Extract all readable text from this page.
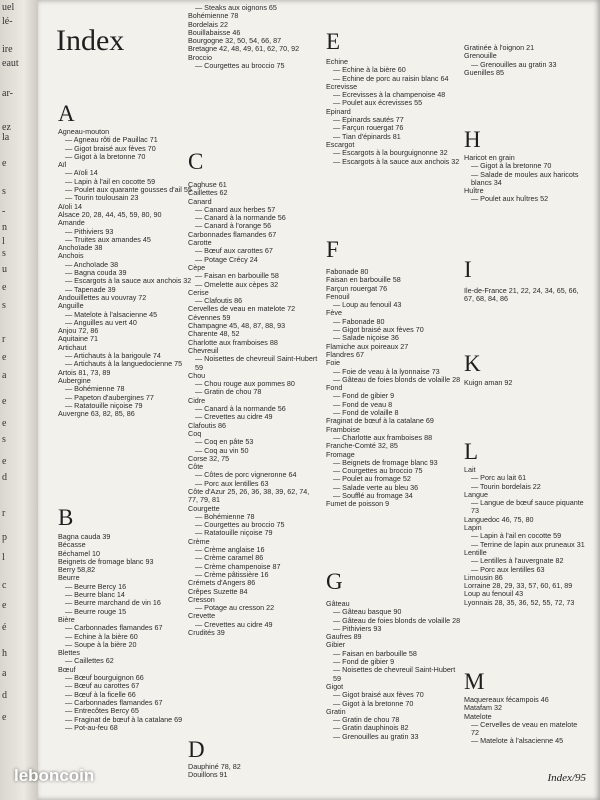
uel
lé-
ire
eaut
ar-
ez
la
e
s
-
n
l
s
u
e
s
r
e
a
e
e
s
e
d
r
p
l
c
e
é
h
a
d
e
Index
A
Agneau-mouton
— Agneau rôti de Pauillac 71
— Gigot braisé aux fèves 70
— Gigot à la bretonne 70
Aïl
— Aïoli 14
— Lapin à l'ail en cocotte 59
— Poulet aux quarante gousses d'ail 55
— Tourin toulousain 23
Aïoli 14
Alsace 20, 28, 44, 45, 59, 80, 90
Amande
— Pithiviers 93
— Truites aux amandes 45
Anchoïade 38
Anchois
— Anchoïade 38
— Bagna couda 39
— Escargots à la sauce aux anchois 32
— Tapenade 39
Andouillettes au vouvray 72
Anguille
— Matelote à l'alsacienne 45
— Anguilles au vert 40
Anjou 72, 86
Aquitaine 71
Artichaut
— Artichauts à la barigoule 74
— Artichauts à la languedocienne 75
Artois 81, 73, 89
Aubergine
— Bohémienne 78
— Papeton d'aubergines 77
— Ratatouille niçoise 79
Auvergne 63, 82, 85, 86
B
Bagna cauda 39
Bécasse
Béchamel 10
Beignets de fromage blanc 93
Berry 58,82
Beurre
— Beurre Bercy 16
— Beurre blanc 14
— Beurre marchand de vin 16
— Beurre rouge 15
Bière
— Carbonnades flamandes 67
— Echine à la bière 60
— Soupe à la bière 20
Blettes
— Caillettes 62
Bœuf
— Bœuf bourguignon 66
— Bœuf au carottes 67
— Bœuf à la ficelle 66
— Carbonnades flamandes 67
— Entrecôtes Bercy 65
— Fraginat de bœuf à la catalane 69
— Pot-au-feu 68
— Steaks aux oignons 65
Bohémienne 78
Bordelais 22
Bouillabaisse 46
Bourgogne 32, 50, 54, 66, 87
Bretagne 42, 48, 49, 61, 62, 70, 92
Broccio
— Courgettes au broccio 75
C
Caghuse 61
Caillettes 62
Canard
— Canard aux herbes 57
— Canard à la normande 56
— Canard à l'orange 56
Carbonnades flamandes 67
Carotte
— Bœuf aux carottes 67
— Potage Crécy 24
Cèpe
— Faisan en barbouille 58
— Omelette aux cèpes 32
Cerise
— Clafoutis 86
Cervelles de veau en matelote 72
Cévennes 59
Champagne 45, 48, 87, 88, 93
Charente 48, 52
Charlotte aux framboises 88
Chevreuil
— Noisettes de chevreuil Saint-Hubert 59
Chou
— Chou rouge aux pommes 80
— Gratin de chou 78
Cidre
— Canard à la normande 56
— Crevettes au cidre 49
Clafoutis 86
Coq
— Coq en pâte 53
— Coq au vin 50
Corse 32, 75
Côte
— Côtes de porc vigneronne 64
— Porc aux lentilles 63
Côte d'Azur 25, 26, 36, 38, 39, 62, 74, 77, 79, 81
Courgette
— Bohémienne 78
— Courgettes au broccio 75
— Ratatouille niçoise 79
Crème
— Crème anglaise 16
— Crème caramel 86
— Crème champenoise 87
— Crème pâtissière 16
Crémets d'Angers 86
Crêpes Suzette 84
Cresson
— Potage au cresson 22
Crevette
— Crevettes au cidre 49
Crudités 39
D
Dauphiné 78, 82
Douillons 91
E
Echine
— Echine à la bière 60
— Echine de porc au raisin blanc 64
Ecrevisse
— Ecrevisses à la champenoise 48
— Poulet aux écrevisses 55
Epinard
— Epinards sautés 77
— Farçun rouergat 76
— Tian d'épinards 81
Escargot
— Escargots à la bourguignonne 32
— Escargots à la sauce aux anchois 32
F
Fabonade 80
Faisan en barbouille 58
Farçun rouergat 76
Fenouil
— Loup au fenouil 43
Fève
— Fabonade 80
— Gigot braisé aux fèves 70
— Salade niçoise 36
Flamiche aux poireaux 27
Flandres 67
Foie
— Foie de veau à la lyonnaise 73
— Gâteau de foies blonds de volaille 28
Fond
— Fond de gibier 9
— Fond de veau 8
— Fond de volaille 8
Fraginat de bœuf à la catalane 69
Framboise
— Charlotte aux framboises 88
Franche-Comté 32, 85
Fromage
— Beignets de fromage blanc 93
— Courgettes au broccio 75
— Poulet au fromage 52
— Salade verte au bleu 36
— Soufflé au fromage 34
Fumet de poisson 9
G
Gâteau
— Gâteau basque 90
— Gâteau de foies blonds de volaille 28
— Pithiviers 93
Gaufres 89
Gibier
— Faisan en barbouille 58
— Fond de gibier 9
— Noisettes de chevreuil Saint-Hubert 59
Gigot
— Gigot braisé aux fèves 70
— Gigot à la bretonne 70
Gratin
— Gratin de chou 78
— Gratin dauphinois 82
— Grenouilles au gratin 33
Gratinée à l'oignon 21
Grenouille
— Grenouilles au gratin 33
Guenilles 85
H
Haricot en grain
— Gigot à la bretonne 70
— Salade de moules aux haricots blancs 34
Huître
— Poulet aux huîtres 52
I
Ile-de-France 21, 22, 24, 34, 65, 66, 67, 68, 84, 86
K
Kuign aman 92
L
Lait
— Porc au lait 61
— Tourin bordelais 22
Langue
— Langue de bœuf sauce piquante 73
Languedoc 46, 75, 80
Lapin
— Lapin à l'ail en cocotte 59
— Terrine de lapin aux pruneaux 31
Lentille
— Lentilles à l'auvergnate 82
— Porc aux lentilles 63
Limousin 86
Lorraine 28, 29, 33, 57, 60, 61, 89
Loup au fenouil 43
Lyonnais 28, 35, 36, 52, 55, 72, 73
M
Maquereaux fécampois 46
Matafam 32
Matelote
— Cervelles de veau en matelote 72
— Matelote à l'alsacienne 45
Index/95
leboncoin
